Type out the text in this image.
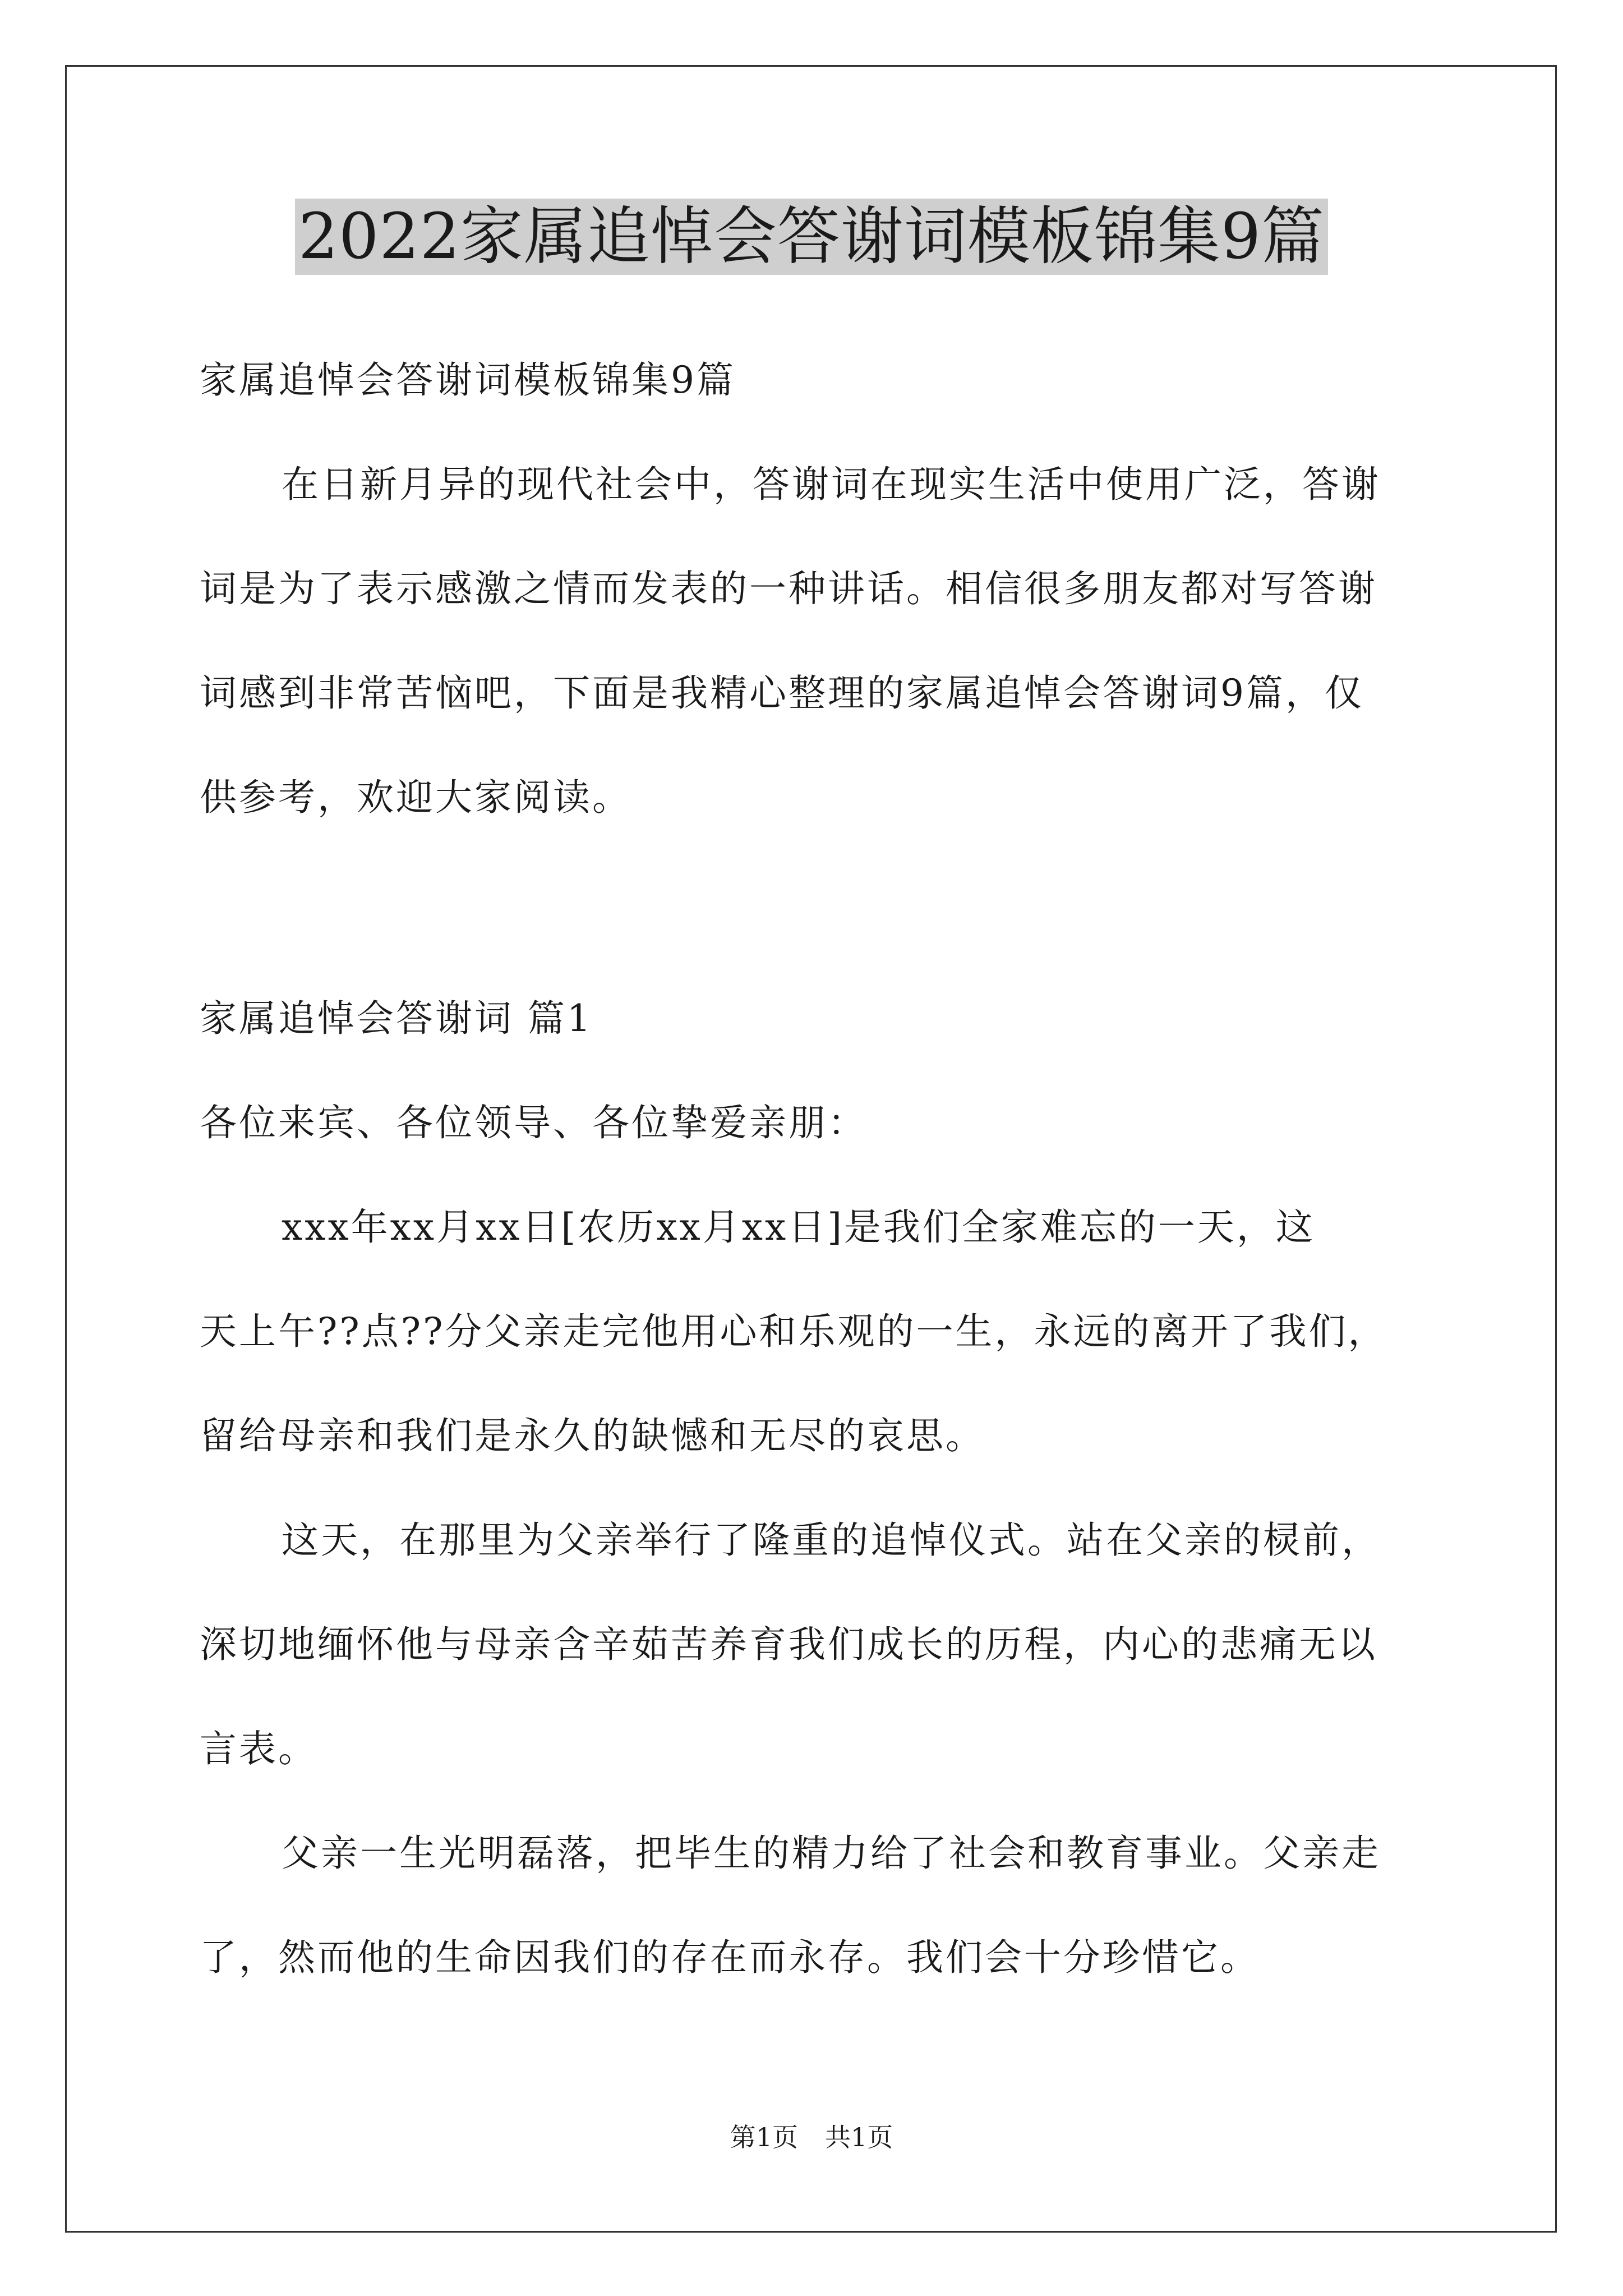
2022家属追悼会答谢词模板锦集9篇
家属追悼会答谢词模板锦集9篇
在日新月异的现代社会中，答谢词在现实生活中使用广泛，答谢
词是为了表示感激之情而发表的一种讲话。相信很多朋友都对写答谢
词感到非常苦恼吧，下面是我精心整理的家属追悼会答谢词9篇，仅
供参考，欢迎大家阅读。
家属追悼会答谢词 篇1
各位来宾、各位领导、各位挚爱亲朋：
xxx年xx月xx日[农历xx月xx日]是我们全家难忘的一天，这
天上午??点??分父亲走完他用心和乐观的一生，永远的离开了我们，
留给母亲和我们是永久的缺憾和无尽的哀思。
这天，在那里为父亲举行了隆重的追悼仪式。站在父亲的棂前，
深切地缅怀他与母亲含辛茹苦养育我们成长的历程，内心的悲痛无以
言表。
父亲一生光明磊落，把毕生的精力给了社会和教育事业。父亲走
了，然而他的生命因我们的存在而永存。我们会十分珍惜它。
第1页 共1页
